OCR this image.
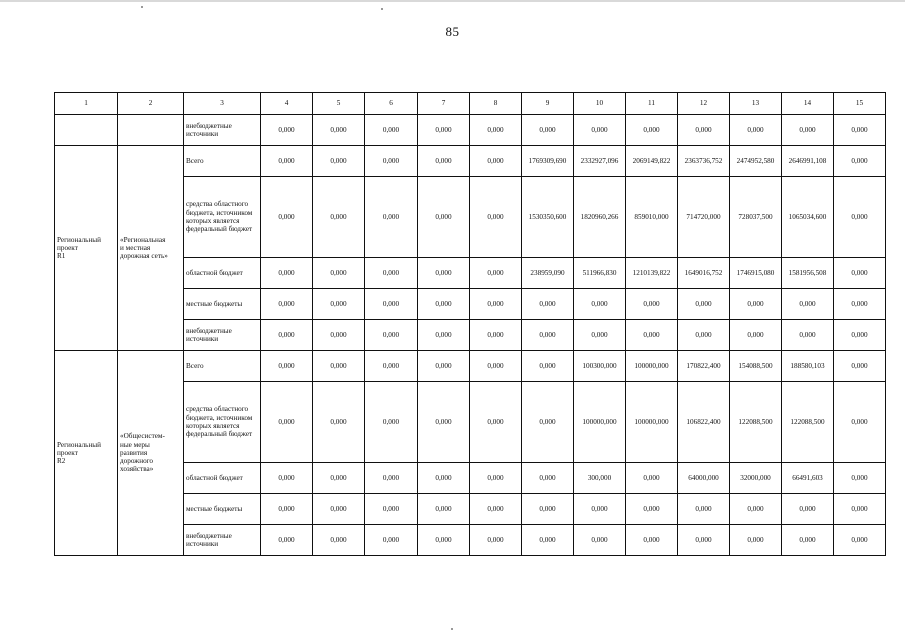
85
1	2	3	4	5	6	7	8	9	10	11	12	13	14	15
		внебюджетные источники	0,000	0,000	0,000	0,000	0,000	0,000	0,000	0,000	0,000	0,000	0,000	0,000

Региональный
проект
R1	«Региональная
и местная
дорожная сеть»	Всего	0,000	0,000	0,000	0,000	0,000	1769309,690	2332927,096	2069149,822	2363736,752	2474952,580	2646991,108	0,000
		средства областного бюджета, источником которых является федеральный бюджет	0,000	0,000	0,000	0,000	0,000	1530350,600	1820960,266	859010,000	714720,000	728037,500	1065034,600	0,000
		областной бюджет	0,000	0,000	0,000	0,000	0,000	238959,090	511966,830	1210139,822	1649016,752	1746915,080	1581956,508	0,000
		местные бюджеты	0,000	0,000	0,000	0,000	0,000	0,000	0,000	0,000	0,000	0,000	0,000	0,000
		внебюджетные источники	0,000	0,000	0,000	0,000	0,000	0,000	0,000	0,000	0,000	0,000	0,000	0,000

Региональный
проект
R2	«Общесистем-
ные меры
развития
дорожного
хозяйства»	Всего	0,000	0,000	0,000	0,000	0,000	0,000	100300,000	100000,000	170822,400	154088,500	188580,103	0,000
		средства областного бюджета, источником которых является федеральный бюджет	0,000	0,000	0,000	0,000	0,000	0,000	100000,000	100000,000	106822,400	122088,500	122088,500	0,000
		областной бюджет	0,000	0,000	0,000	0,000	0,000	0,000	300,000	0,000	64000,000	32000,000	66491,603	0,000
		местные бюджеты	0,000	0,000	0,000	0,000	0,000	0,000	0,000	0,000	0,000	0,000	0,000	0,000
		внебюджетные источники	0,000	0,000	0,000	0,000	0,000	0,000	0,000	0,000	0,000	0,000	0,000	0,000
